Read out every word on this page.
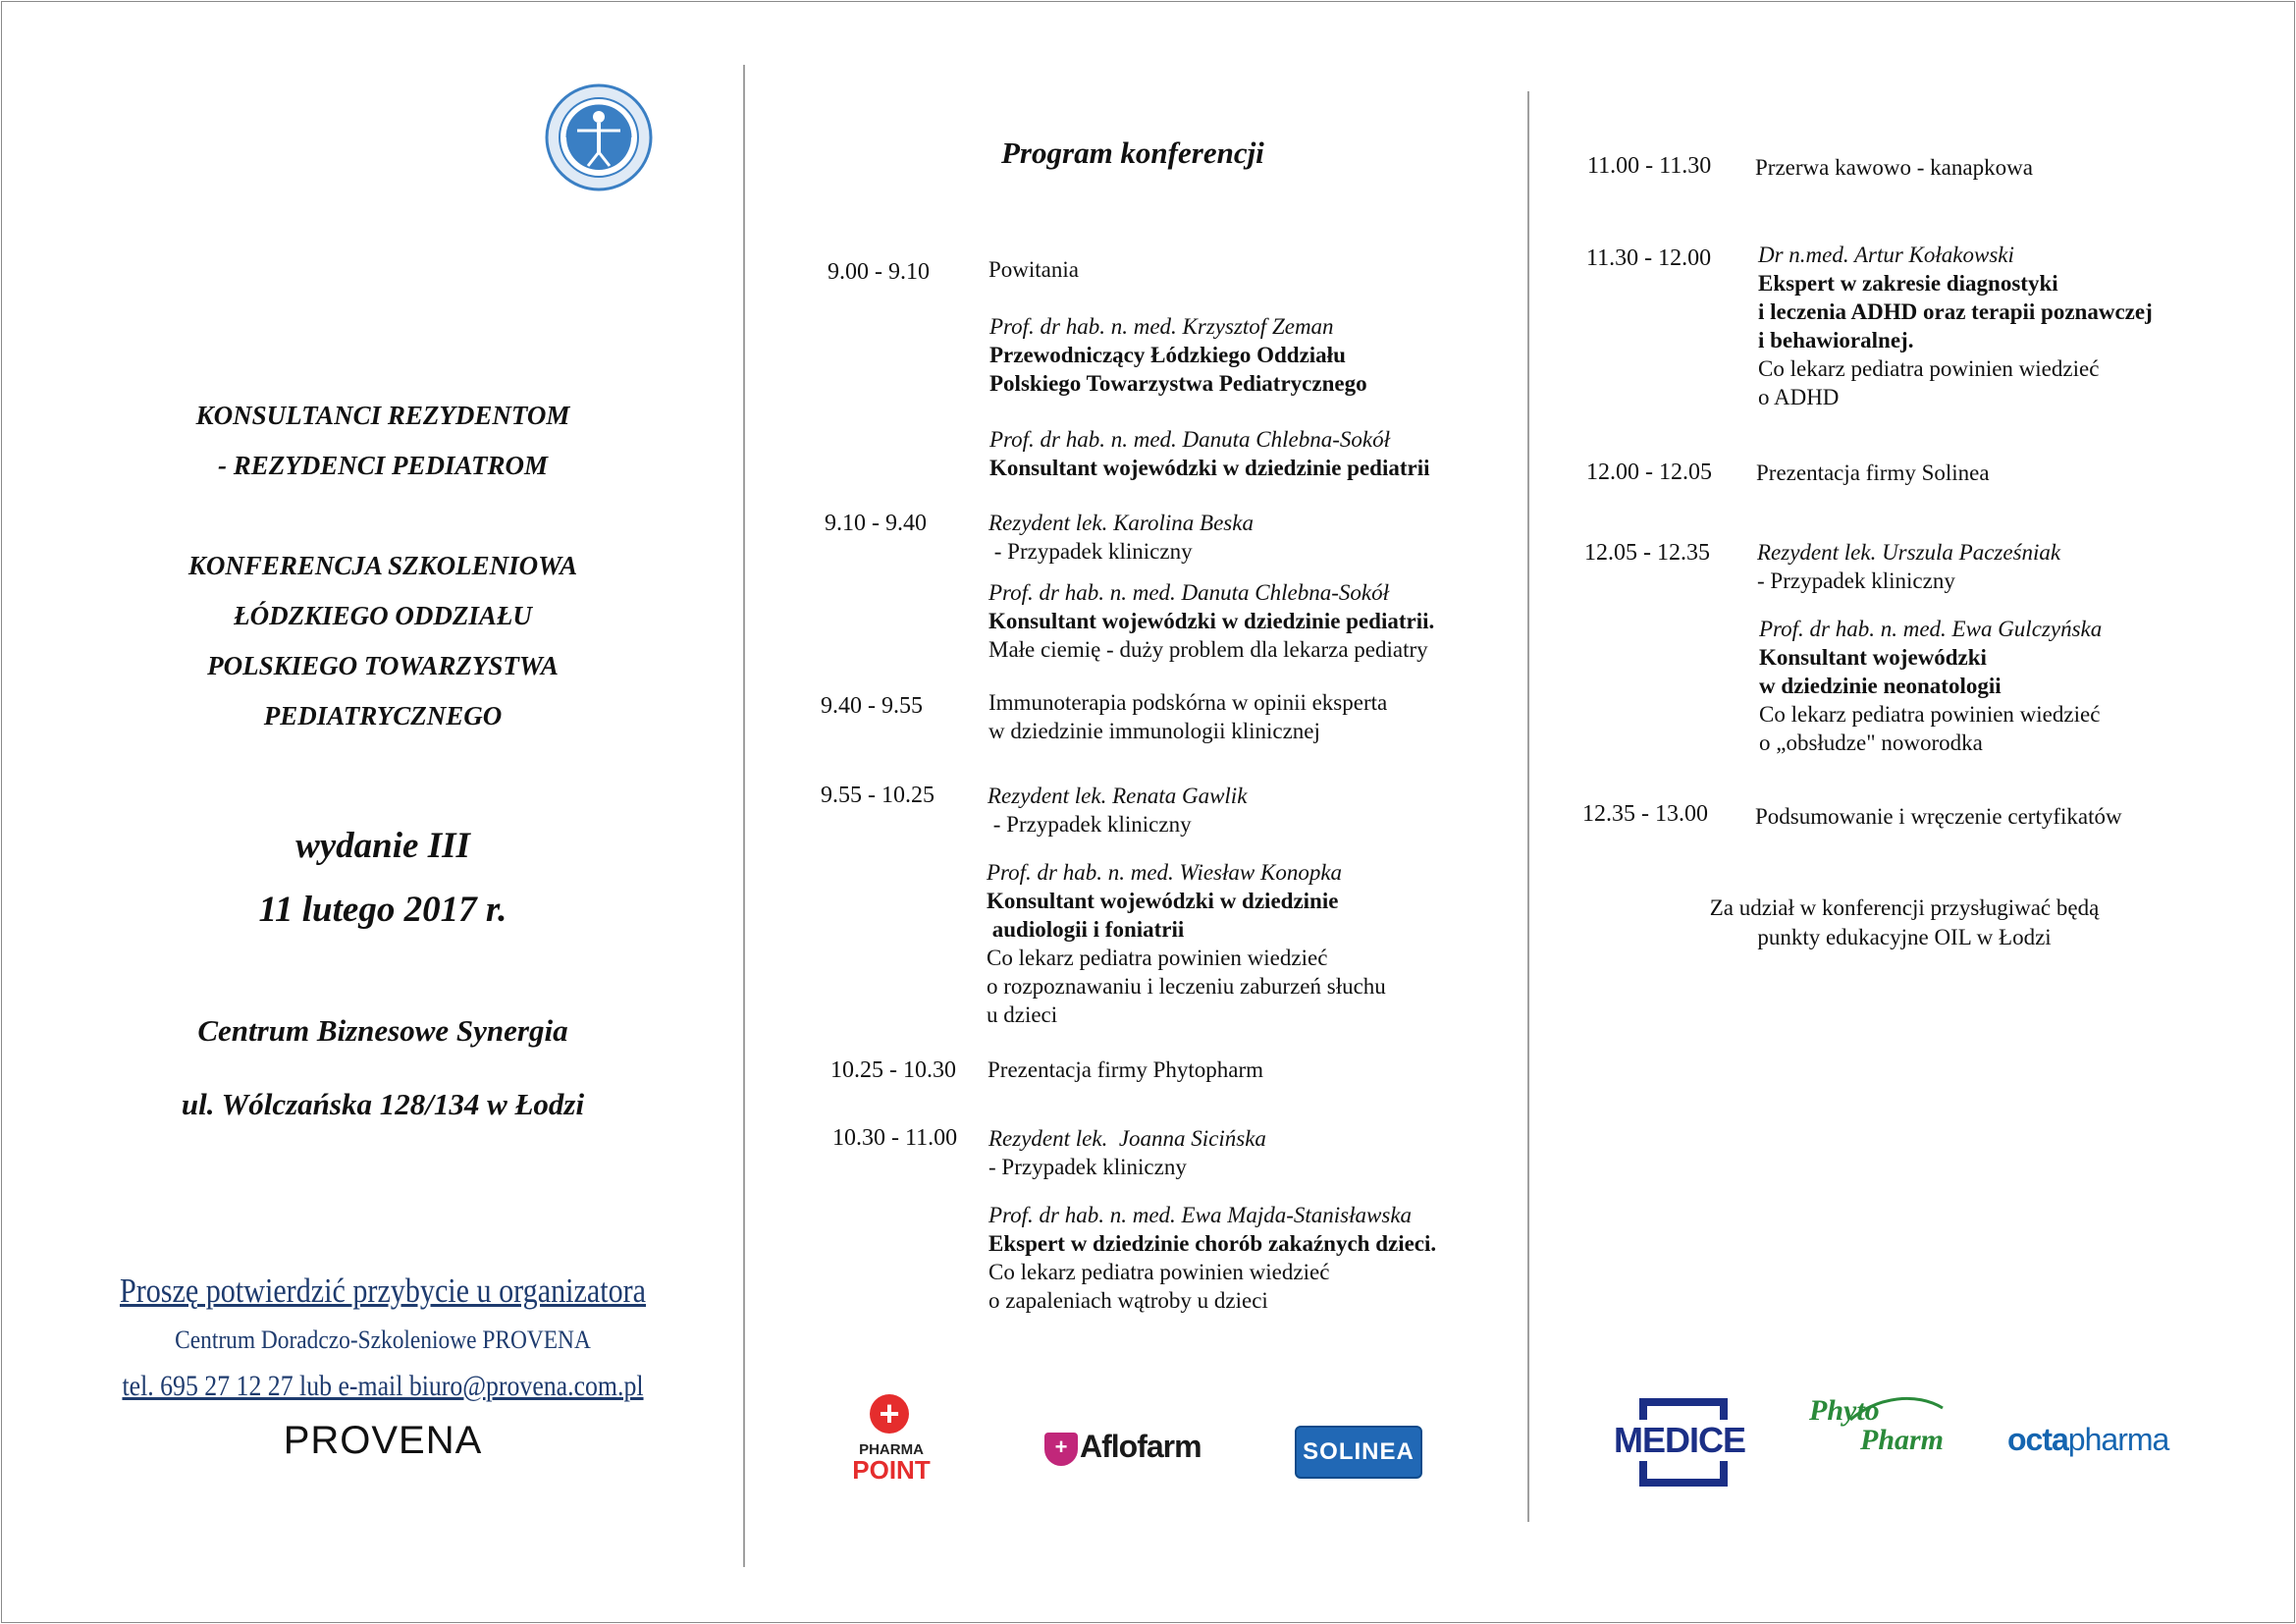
KONSULTANCI REZYDENTOM
- REZYDENCI PEDIATROM
KONFERENCJA SZKOLENIOWA
ŁÓDZKIEGO ODDZIAŁU
POLSKIEGO TOWARZYSTWA
PEDIATRYCZNEGO
wydanie III
11 lutego 2017 r.
Centrum Biznesowe Synergia
ul. Wólczańska 128/134 w Łodzi
Proszę potwierdzić przybycie u organizatora
Centrum Doradczo-Szkoleniowe PROVENA
tel. 695 27 12 27 lub e-mail biuro@provena.com.pl
PROVENA
Program konferencji
9.00 - 9.10	Powitania
Prof. dr hab. n. med. Krzysztof Zeman
Przewodniczący Łódzkiego Oddziału
Polskiego Towarzystwa Pediatrycznego
Prof. dr hab. n. med. Danuta Chlebna-Sokół
Konsultant wojewódzki w dziedzinie pediatrii
9.10 - 9.40	Rezydent lek. Karolina Beska
- Przypadek kliniczny
Prof. dr hab. n. med. Danuta Chlebna-Sokół
Konsultant wojewódzki w dziedzinie pediatrii.
Małe ciemię - duży problem dla lekarza pediatry
9.40 - 9.55	Immunoterapia podskórna w opinii eksperta
w dziedzinie immunologii klinicznej
9.55 - 10.25 Rezydent lek. Renata Gawlik
- Przypadek kliniczny
Prof. dr hab. n. med. Wiesław Konopka
Konsultant wojewódzki w dziedzinie
audiologii i foniatrii
Co lekarz pediatra powinien wiedzieć
o rozpoznawaniu i leczeniu zaburzeń słuchu
u dzieci
10.25 - 10.30 Prezentacja firmy Phytopharm
10.30 - 11.00 Rezydent lek.  Joanna Sicińska
- Przypadek kliniczny
Prof. dr hab. n. med. Ewa Majda-Stanisławska
Ekspert w dziedzinie chorób zakaźnych dzieci.
Co lekarz pediatra powinien wiedzieć
o zapaleniach wątroby u dzieci
11.00 - 11.30 Przerwa kawowo - kanapkowa
11.30 - 12.00 Dr n.med. Artur Kołakowski
Ekspert w zakresie diagnostyki
i leczenia ADHD oraz terapii poznawczej
i behawioralnej.
Co lekarz pediatra powinien wiedzieć
o ADHD
12.00 - 12.05 Prezentacja firmy Solinea
12.05 - 12.35 Rezydent lek. Urszula Pacześniak
- Przypadek kliniczny
Prof. dr hab. n. med. Ewa Gulczyńska
Konsultant wojewódzki
w dziedzinie neonatologii
Co lekarz pediatra powinien wiedzieć
o „obsłudze" noworodka
12.35 - 13.00 Podsumowanie i wręczenie certyfikatów
Za udział w konferencji przysługiwać będą
punkty edukacyjne OIL w Łodzi
+
PHARMA
POINT
+ Aflofarm	SOLINEA	MEDICE
Phyto
Pharm octapharma
